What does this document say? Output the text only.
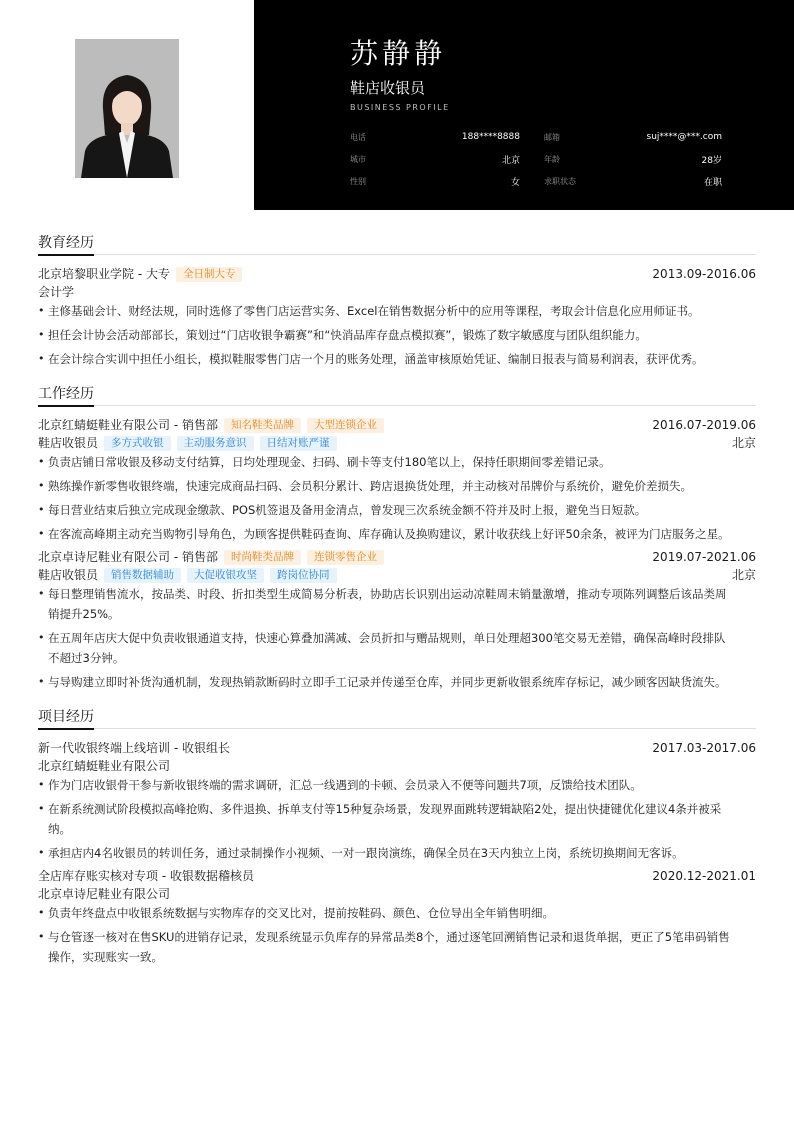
苏静静
鞋店收银员
BUSINESS PROFILE
电话	188****8888	邮箱	suj****@***.com
城市	北京	年龄	28岁
性别	女	求职状态	在职
教育经历
北京培黎职业学院 - 大专	全日制大专	2013.09-2016.06
会计学
• 主修基础会计、财经法规，同时选修了零售门店运营实务、Excel在销售数据分析中的应用等课程，考取会计信息化应用师证书。
• 担任会计协会活动部部长，策划过“门店收银争霸赛”和“快消品库存盘点模拟赛”，锻炼了数字敏感度与团队组织能力。
• 在会计综合实训中担任小组长，模拟鞋服零售门店一个月的账务处理，涵盖审核原始凭证、编制日报表与简易利润表，获评优秀。
工作经历
北京红蜻蜓鞋业有限公司 - 销售部	知名鞋类品牌	大型连锁企业	2016.07-2019.06
鞋店收银员	多方式收银	主动服务意识	日结对账严谨	北京
• 负责店铺日常收银及移动支付结算，日均处理现金、扫码、刷卡等支付180笔以上，保持任职期间零差错记录。
• 熟练操作新零售收银终端，快速完成商品扫码、会员积分累计、跨店退换货处理，并主动核对吊牌价与系统价，避免价差损失。
• 每日营业结束后独立完成现金缴款、POS机签退及备用金清点，曾发现三次系统金额不符并及时上报，避免当日短款。
• 在客流高峰期主动充当购物引导角色，为顾客提供鞋码查询、库存确认及换购建议，累计收获线上好评50余条，被评为门店服务之星。
北京卓诗尼鞋业有限公司 - 销售部	时尚鞋类品牌	连锁零售企业	2019.07-2021.06
鞋店收银员	销售数据辅助	大促收银攻坚	跨岗位协同	北京
• 每日整理销售流水，按品类、时段、折扣类型生成简易分析表，协助店长识别出运动凉鞋周末销量激增，推动专项陈列调整后该品类周销提升25%。
• 在五周年店庆大促中负责收银通道支持，快速心算叠加满减、会员折扣与赠品规则，单日处理超300笔交易无差错，确保高峰时段排队不超过3分钟。
• 与导购建立即时补货沟通机制，发现热销款断码时立即手工记录并传递至仓库，并同步更新收银系统库存标记，减少顾客因缺货流失。
项目经历
新一代收银终端上线培训 - 收银组长	2017.03-2017.06
北京红蜻蜓鞋业有限公司
• 作为门店收银骨干参与新收银终端的需求调研，汇总一线遇到的卡顿、会员录入不便等问题共7项，反馈给技术团队。
• 在新系统测试阶段模拟高峰抢购、多件退换、拆单支付等15种复杂场景，发现界面跳转逻辑缺陷2处，提出快捷键优化建议4条并被采纳。
• 承担店内4名收银员的转训任务，通过录制操作小视频、一对一跟岗演练，确保全员在3天内独立上岗，系统切换期间无客诉。
全店库存账实核对专项 - 收银数据稽核员	2020.12-2021.01
北京卓诗尼鞋业有限公司
• 负责年终盘点中收银系统数据与实物库存的交叉比对，提前按鞋码、颜色、仓位导出全年销售明细。
• 与仓管逐一核对在售SKU的进销存记录，发现系统显示负库存的异常品类8个，通过逐笔回溯销售记录和退货单据，更正了5笔串码销售操作，实现账实一致。
